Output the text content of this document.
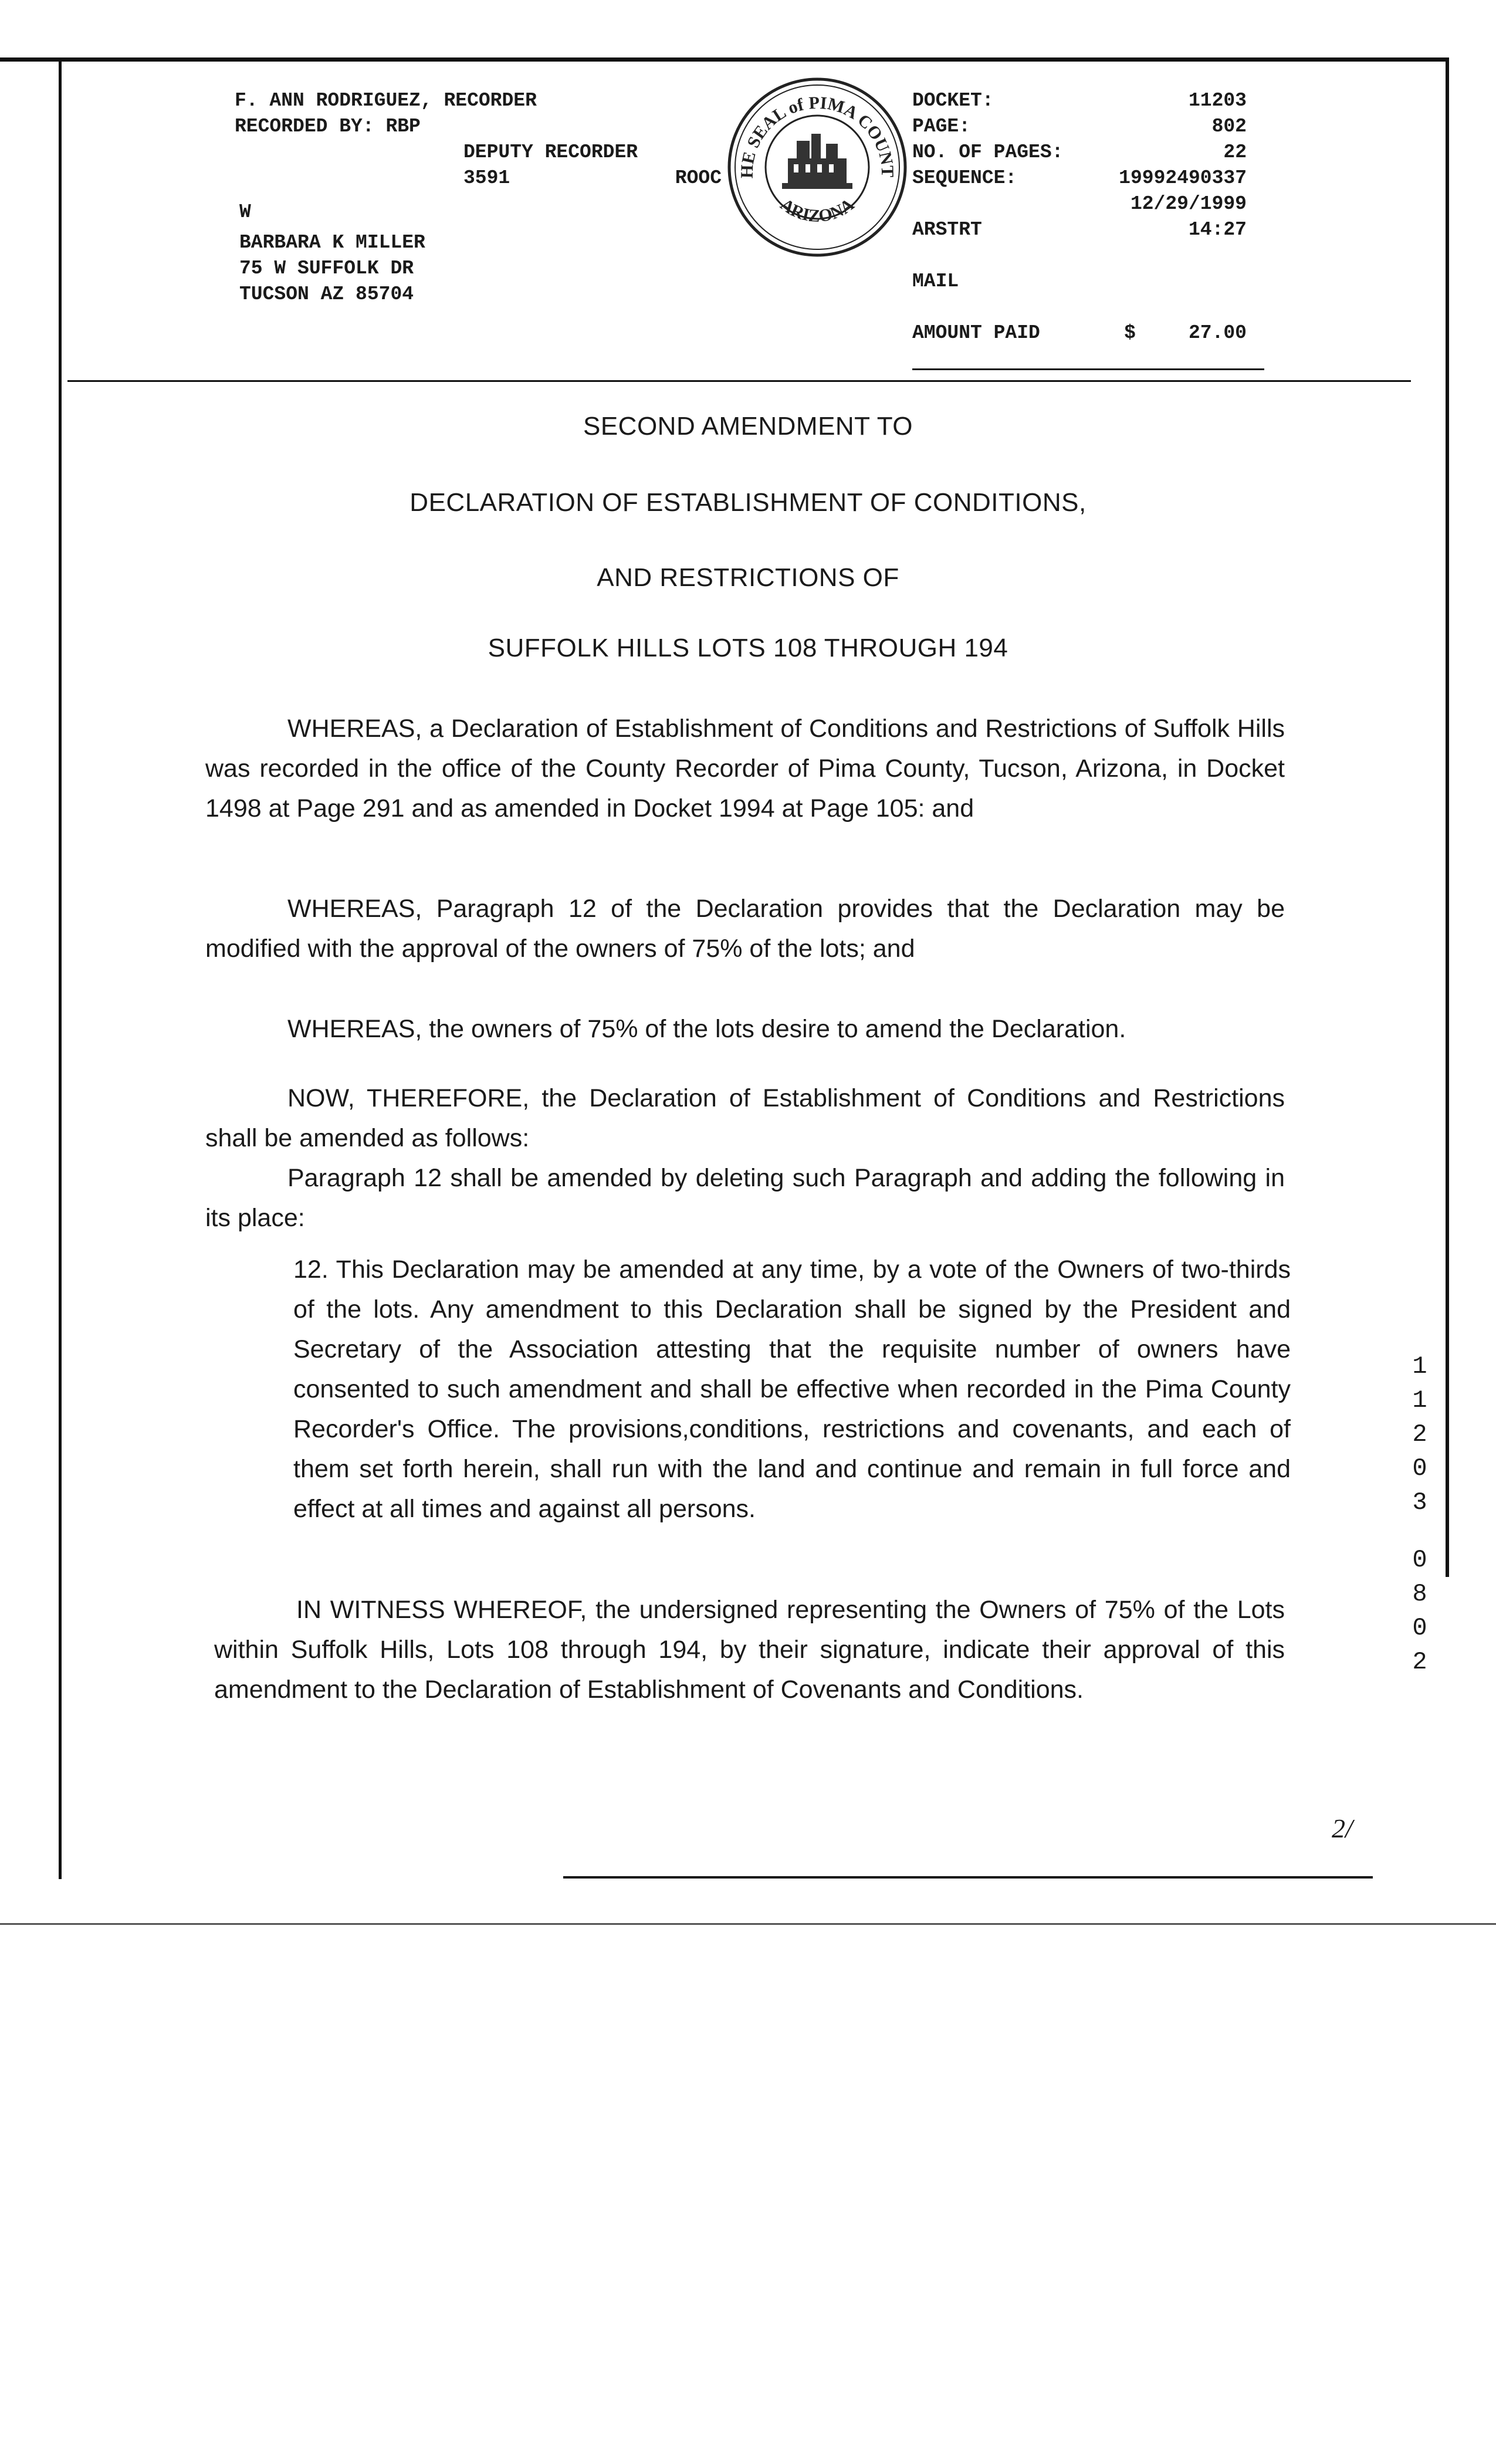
F. ANN RODRIGUEZ, RECORDER
RECORDED BY: RBP
DEPUTY RECORDER
3591	ROOC
W
BARBARA K MILLER
75 W SUFFOLK DR
TUCSON AZ 85704
HE SEAL of PIMA COUNT
ARIZONA
DOCKET:	11203
PAGE:	802
NO. OF PAGES:	22
SEQUENCE:	19992490337
12/29/1999
ARSTRT	14:27
MAIL
AMOUNT PAID	$	27.00
SECOND AMENDMENT TO
DECLARATION OF ESTABLISHMENT OF CONDITIONS,
AND RESTRICTIONS OF
SUFFOLK HILLS LOTS 108 THROUGH 194

WHEREAS, a Declaration of Establishment of Conditions and Restrictions of Suffolk Hills was recorded in the office of the County Recorder of Pima County, Tucson, Arizona, in Docket 1498 at Page 291 and as amended in Docket 1994 at Page 105: and

WHEREAS, Paragraph 12 of the Declaration provides that the Declaration may be modified with the approval of the owners of 75% of the lots; and

WHEREAS, the owners of 75% of the lots desire to amend the Declaration.

NOW, THEREFORE, the Declaration of Establishment of Conditions and Restrictions shall be amended as follows:

Paragraph 12 shall be amended by deleting such Paragraph and adding the following in its place:

12. This Declaration may be amended at any time, by a vote of the Owners of two-thirds of the lots. Any amendment to this Declaration shall be signed by the President and Secretary of the Association attesting that the requisite number of owners have consented to such amendment and shall be effective when recorded in the Pima County Recorder's Office. The provisions,conditions, restrictions and covenants, and each of them set forth herein, shall run with the land and continue and remain in full force and effect at all times and against all persons.

IN WITNESS WHEREOF, the undersigned representing the Owners of 75% of the Lots within Suffolk Hills, Lots 108 through 194, by their signature, indicate their approval of this amendment to the Declaration of Establishment of Covenants and Conditions.

1
1
2
0
3
0
8
0
2
2/
